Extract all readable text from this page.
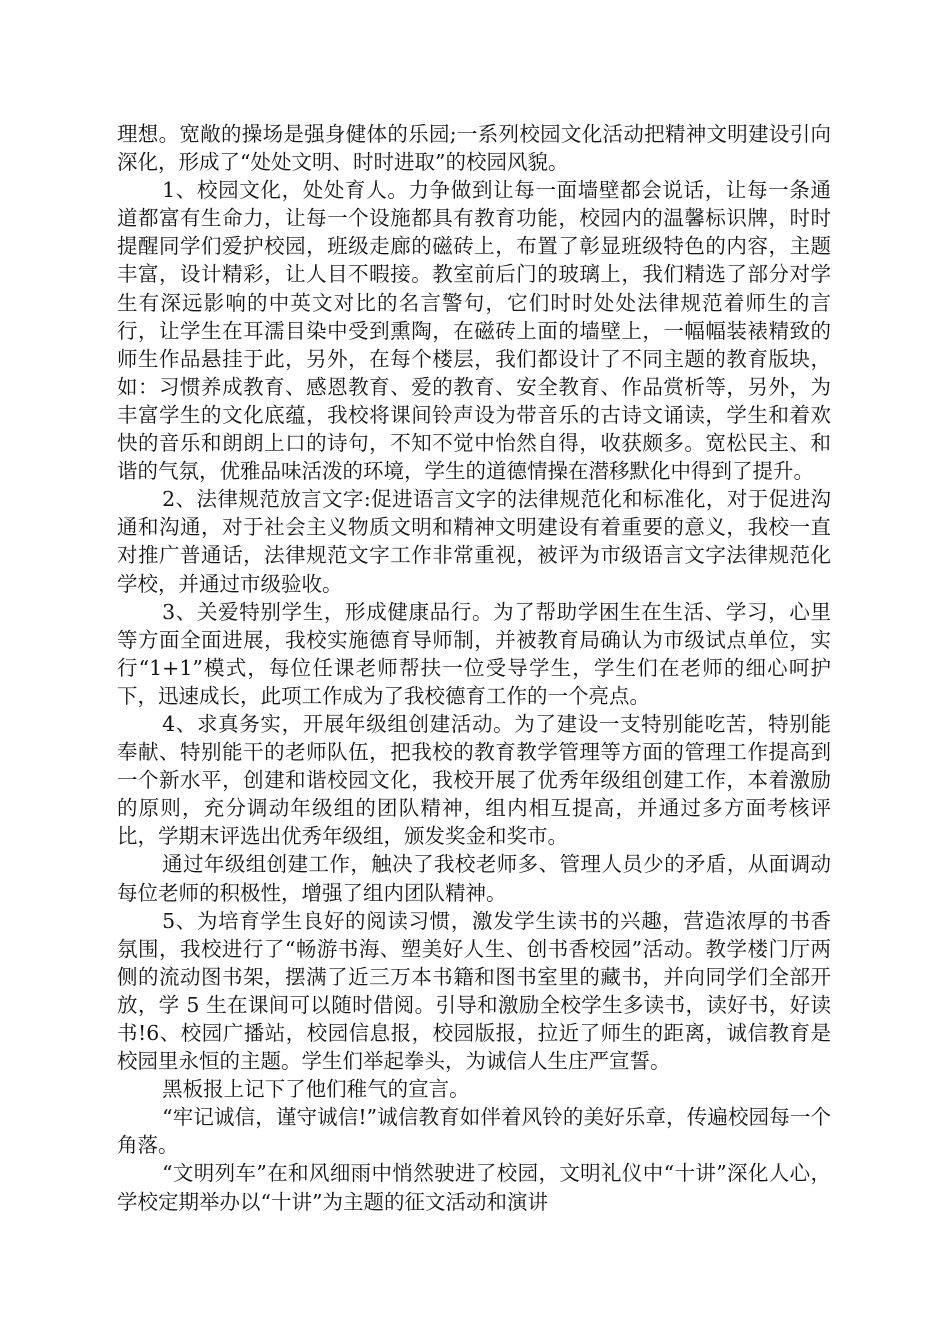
理想。宽敞的操场是强身健体的乐园;一系列校园文化活动把精神文明建设引向深化，形成了“处处文明、时时进取”的校园风貌。

1、校园文化，处处育人。力争做到让每一面墙壁都会说话，让每一条通道都富有生命力，让每一个设施都具有教育功能，校园内的温馨标识牌，时时提醒同学们爱护校园，班级走廊的磁砖上，布置了彰显班级特色的内容，主题丰富，设计精彩，让人目不暇接。教室前后门的玻璃上，我们精选了部分对学生有深远影响的中英文对比的名言警句，它们时时处处法律规范着师生的言行，让学生在耳濡目染中受到熏陶，在磁砖上面的墙壁上，一幅幅装裱精致的师生作品悬挂于此，另外，在每个楼层，我们都设计了不同主题的教育版块，如：习惯养成教育、感恩教育、爱的教育、安全教育、作品赏析等，另外，为丰富学生的文化底蕴，我校将课间铃声设为带音乐的古诗文诵读，学生和着欢快的音乐和朗朗上口的诗句，不知不觉中怡然自得，收获颇多。宽松民主、和谐的气氛，优雅品味活泼的环境，学生的道德情操在潜移默化中得到了提升。

2、法律规范放言文字:促进语言文字的法律规范化和标准化，对于促进沟通和沟通，对于社会主义物质文明和精神文明建设有着重要的意义，我校一直对推广普通话，法律规范文字工作非常重视，被评为市级语言文字法律规范化学校，并通过市级验收。

3、关爱特别学生，形成健康品行。为了帮助学困生在生活、学习，心里等方面全面进展，我校实施德育导师制，并被教育局确认为市级试点单位，实行“1+1”模式，每位任课老师帮扶一位受导学生，学生们在老师的细心呵护下，迅速成长，此项工作成为了我校德育工作的一个亮点。

4、求真务实，开展年级组创建活动。为了建设一支特别能吃苦，特别能奉献、特别能干的老师队伍，把我校的教育教学管理等方面的管理工作提高到一个新水平，创建和谐校园文化，我校开展了优秀年级组创建工作，本着激励的原则，充分调动年级组的团队精神，组内相互提高，并通过多方面考核评比，学期末评选出优秀年级组，颁发奖金和奖市。

通过年级组创建工作，触决了我校老师多、管理人员少的矛盾，从面调动每位老师的积极性，增强了组内团队精神。

5、为培育学生良好的阅读习惯，激发学生读书的兴趣，营造浓厚的书香氛围，我校进行了“畅游书海、塑美好人生、创书香校园”活动。教学楼门厅两侧的流动图书架，摆满了近三万本书籍和图书室里的藏书，并向同学们全部开放，学 5 生在课间可以随时借阅。引导和激励全校学生多读书，读好书，好读书!6、校园广播站，校园信息报，校园版报，拉近了师生的距离，诚信教育是校园里永恒的主题。学生们举起拳头，为诚信人生庄严宣誓。

黑板报上记下了他们稚气的宣言。

“牢记诚信，谨守诚信!”诚信教育如伴着风铃的美好乐章，传遍校园每一个角落。

“文明列车”在和风细雨中悄然驶进了校园，文明礼仪中“十讲”深化人心，学校定期举办以“十讲”为主题的征文活动和演讲
